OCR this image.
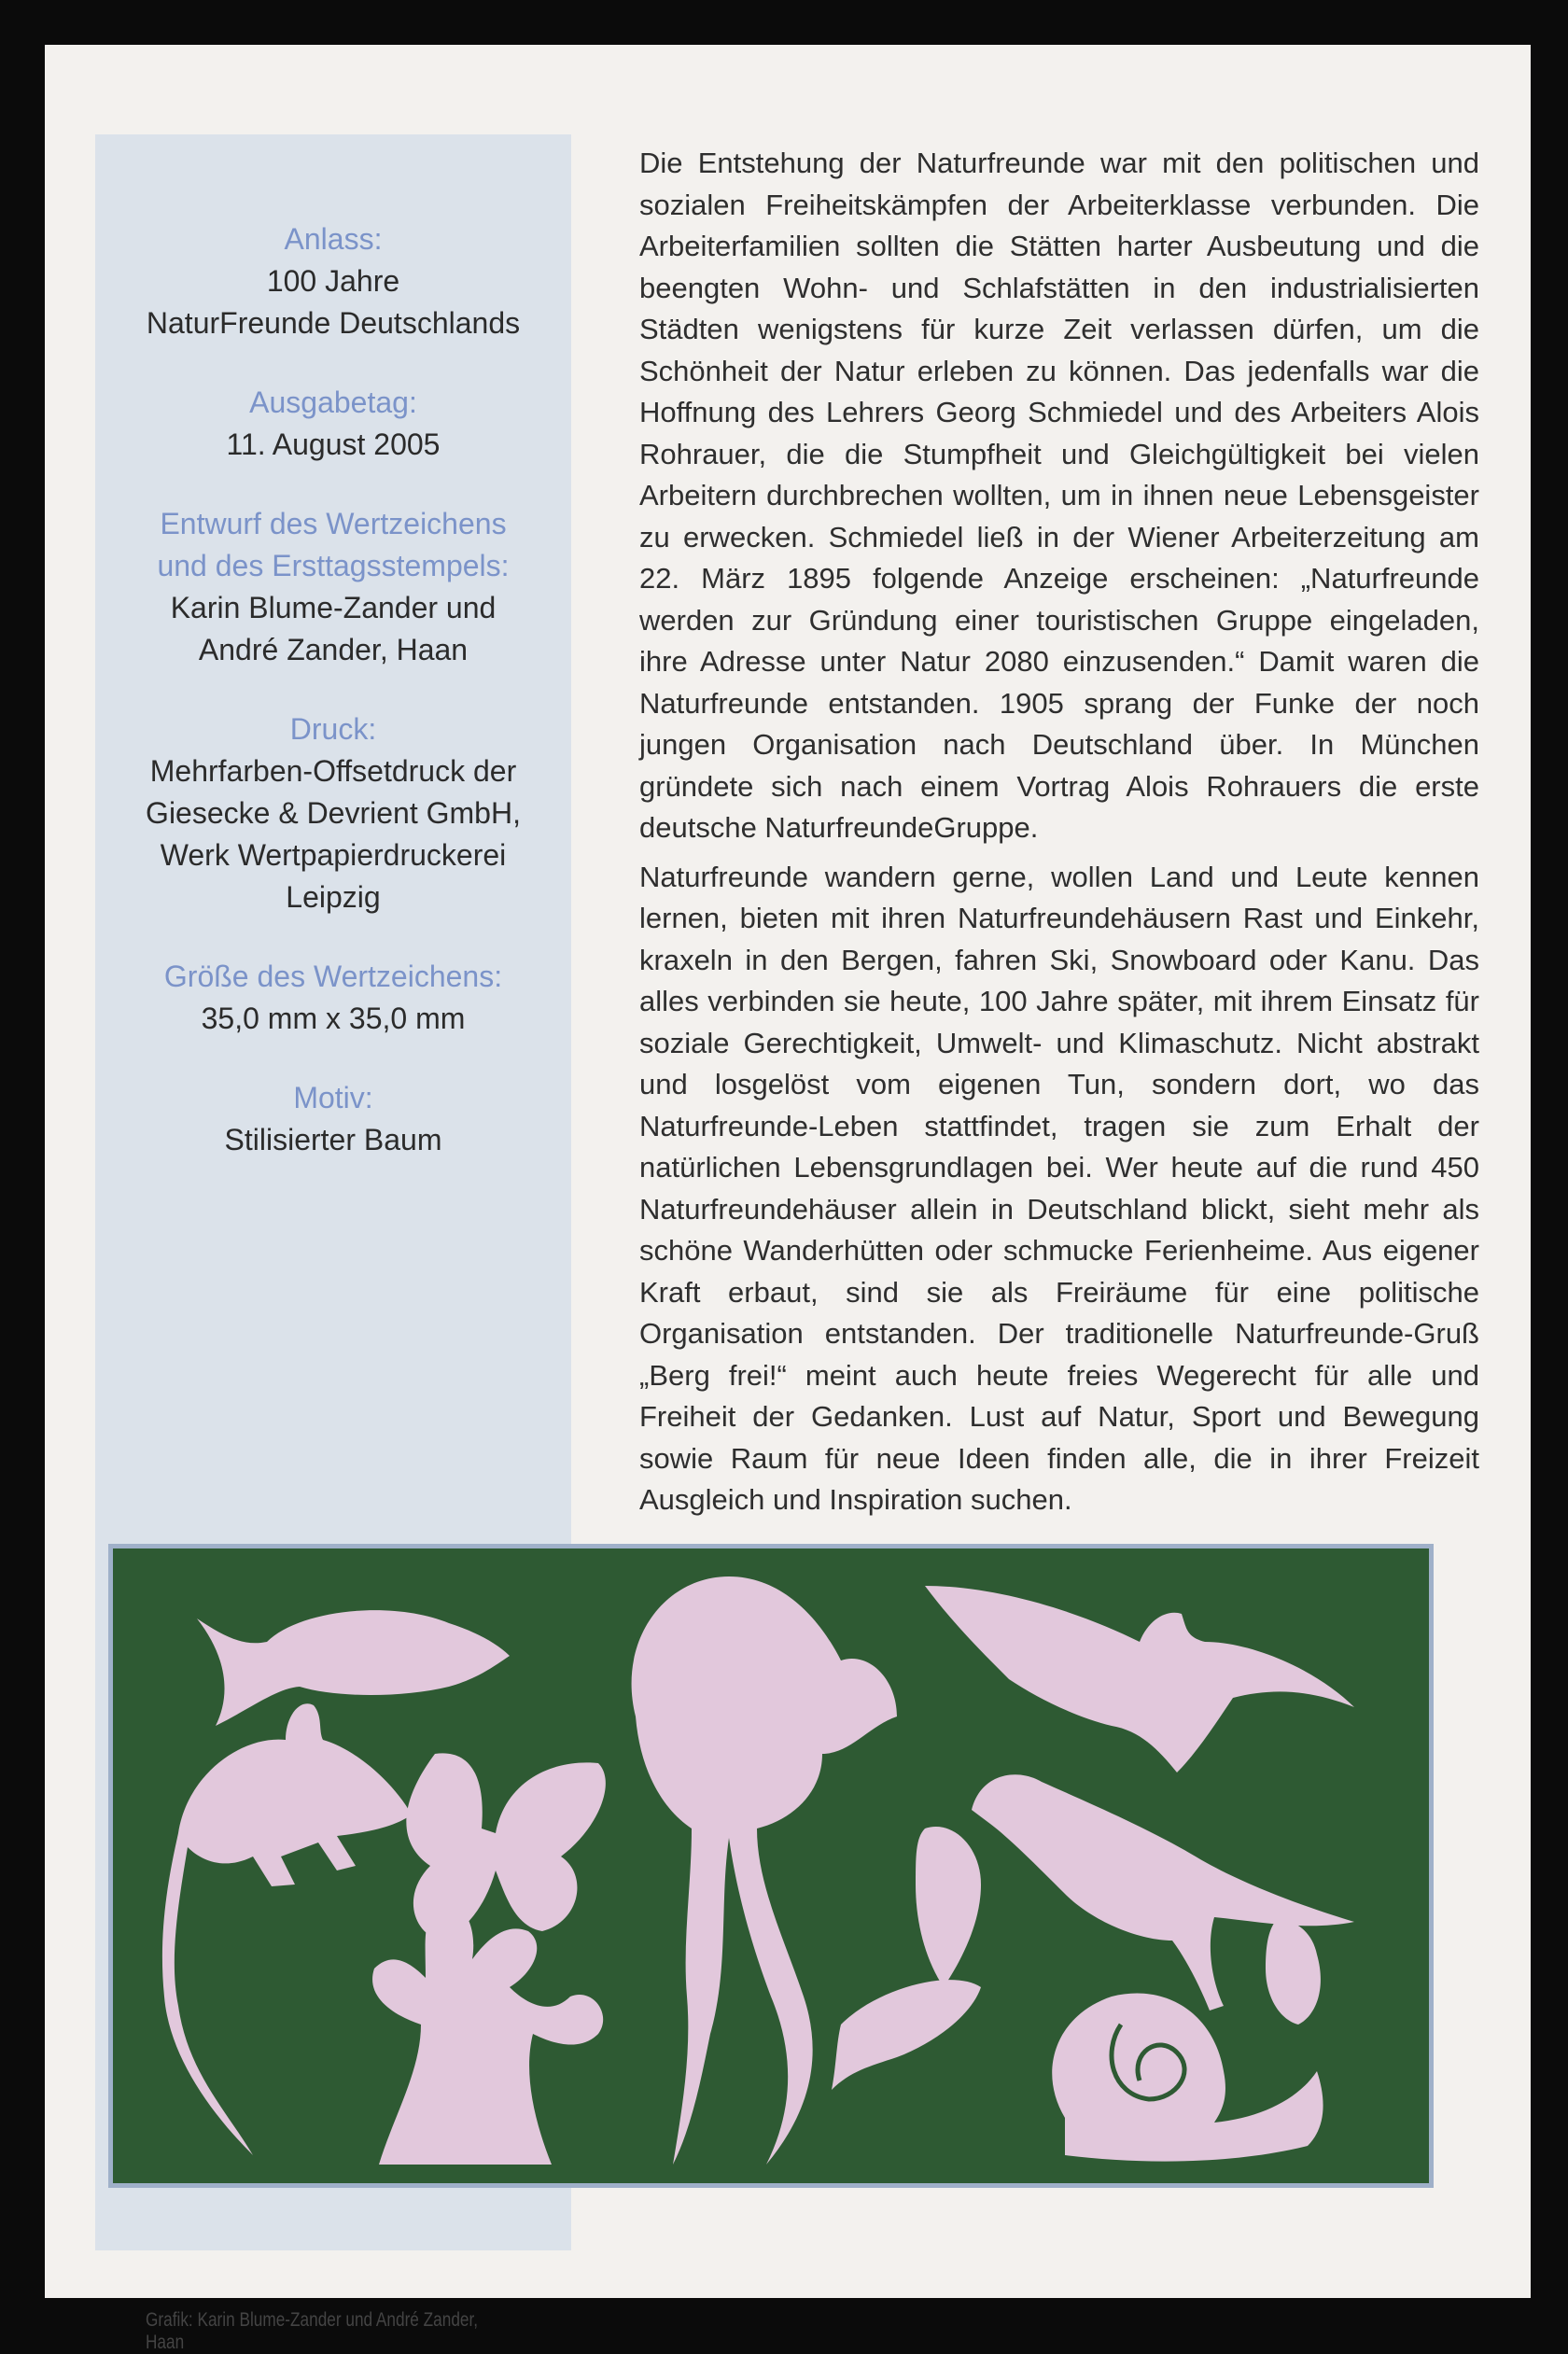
Anlass:
100 Jahre
NaturFreunde Deutschlands
Ausgabetag:
11. August 2005
Entwurf des Wertzeichens
und des Ersttagsstempels:
Karin Blume-Zander und
André Zander, Haan
Druck:
Mehrfarben-Offsetdruck der
Giesecke & Devrient GmbH,
Werk Wertpapierdruckerei
Leipzig
Größe des Wertzeichens:
35,0 mm x 35,0 mm
Motiv:
Stilisierter Baum
Grafik: Karin Blume-Zander und André Zander, Haan

Die Entstehung der Naturfreunde war mit den politischen und sozialen Freiheitskämpfen der Arbeiterklasse verbunden. Die Arbeiterfamilien sollten die Stätten harter Ausbeutung und die beengten Wohn- und Schlafstätten in den industrialisierten Städten wenigstens für kurze Zeit verlassen dürfen, um die Schönheit der Natur erleben zu können. Das jedenfalls war die Hoffnung des Lehrers Georg Schmiedel und des Arbeiters Alois Rohrauer, die die Stumpfheit und Gleichgültigkeit bei vielen Arbeitern durchbrechen wollten, um in ihnen neue Lebensgeister zu erwecken. Schmiedel ließ in der Wiener Arbeiterzeitung am 22. März 1895 folgende Anzeige erscheinen: „Naturfreunde werden zur Gründung einer touristischen Gruppe eingeladen, ihre Adresse unter Natur 2080 einzusenden.“ Damit waren die Naturfreunde entstanden. 1905 sprang der Funke der noch jungen Organisation nach Deutschland über. In München gründete sich nach einem Vortrag Alois Rohrauers die erste deutsche NaturfreundeGruppe.

Naturfreunde wandern gerne, wollen Land und Leute kennen lernen, bieten mit ihren Naturfreundehäusern Rast und Einkehr, kraxeln in den Bergen, fahren Ski, Snowboard oder Kanu. Das alles verbinden sie heute, 100 Jahre später, mit ihrem Einsatz für soziale Gerechtigkeit, Umwelt- und Klimaschutz. Nicht abstrakt und losgelöst vom eigenen Tun, sondern dort, wo das Naturfreunde-Leben stattfindet, tragen sie zum Erhalt der natürlichen Lebensgrundlagen bei. Wer heute auf die rund 450 Naturfreundehäuser allein in Deutschland blickt, sieht mehr als schöne Wanderhütten oder schmucke Ferienheime. Aus eigener Kraft erbaut, sind sie als Freiräume für eine politische Organisation entstanden. Der traditionelle Naturfreunde-Gruß „Berg frei!“ meint auch heute freies Wegerecht für alle und Freiheit der Gedanken. Lust auf Natur, Sport und Bewegung sowie Raum für neue Ideen finden alle, die in ihrer Freizeit Ausgleich und Inspiration suchen.
